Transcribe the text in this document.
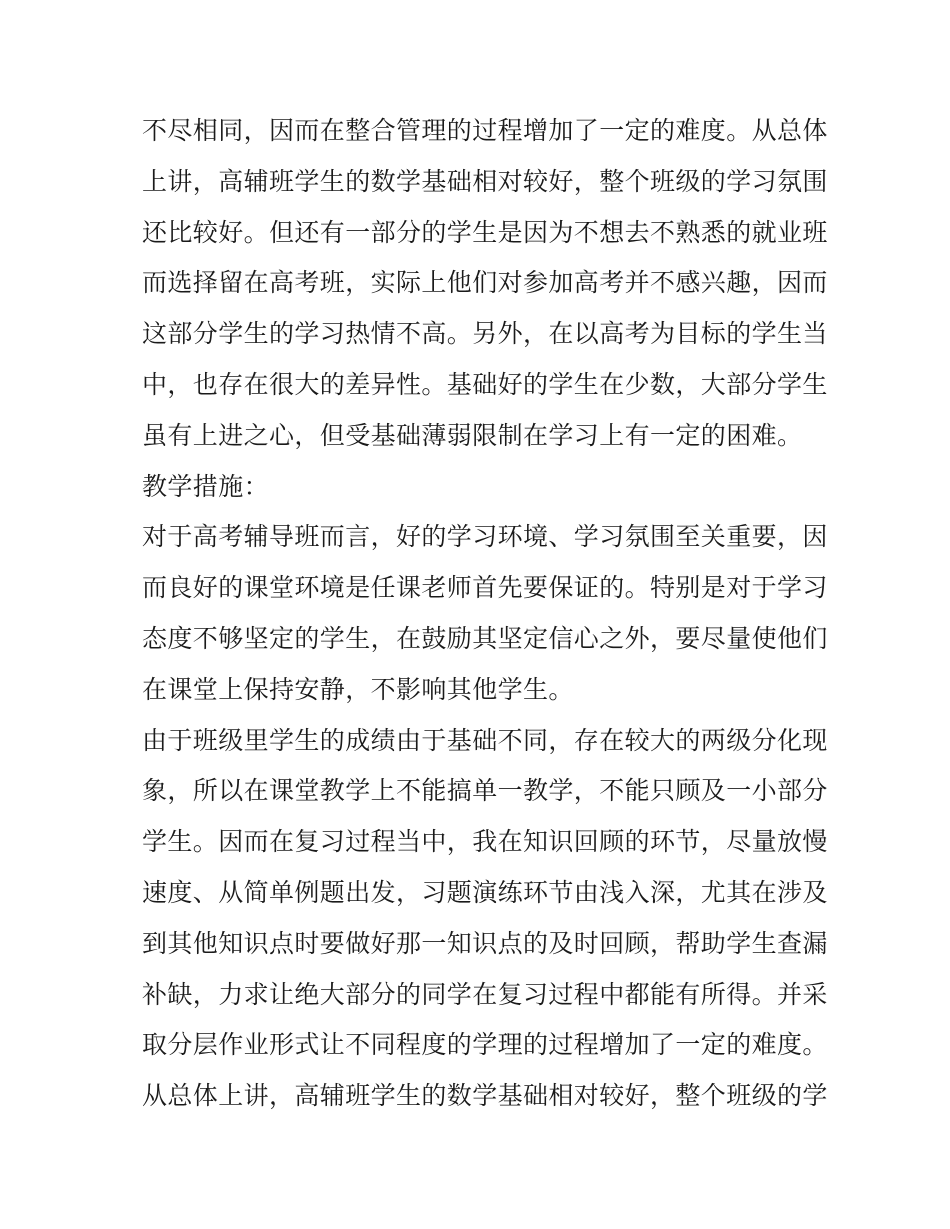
不尽相同，因而在整合管理的过程增加了一定的难度。从总体
上讲，高辅班学生的数学基础相对较好，整个班级的学习氛围
还比较好。但还有一部分的学生是因为不想去不熟悉的就业班
而选择留在高考班，实际上他们对参加高考并不感兴趣，因而
这部分学生的学习热情不高。另外，在以高考为目标的学生当
中，也存在很大的差异性。基础好的学生在少数，大部分学生
虽有上进之心，但受基础薄弱限制在学习上有一定的困难。
教学措施：
对于高考辅导班而言，好的学习环境、学习氛围至关重要，因
而良好的课堂环境是任课老师首先要保证的。特别是对于学习
态度不够坚定的学生，在鼓励其坚定信心之外，要尽量使他们
在课堂上保持安静，不影响其他学生。
由于班级里学生的成绩由于基础不同，存在较大的两级分化现
象，所以在课堂教学上不能搞单一教学，不能只顾及一小部分
学生。因而在复习过程当中，我在知识回顾的环节，尽量放慢
速度、从简单例题出发，习题演练环节由浅入深，尤其在涉及
到其他知识点时要做好那一知识点的及时回顾，帮助学生查漏
补缺，力求让绝大部分的同学在复习过程中都能有所得。并采
取分层作业形式让不同程度的学理的过程增加了一定的难度。
从总体上讲，高辅班学生的数学基础相对较好，整个班级的学
